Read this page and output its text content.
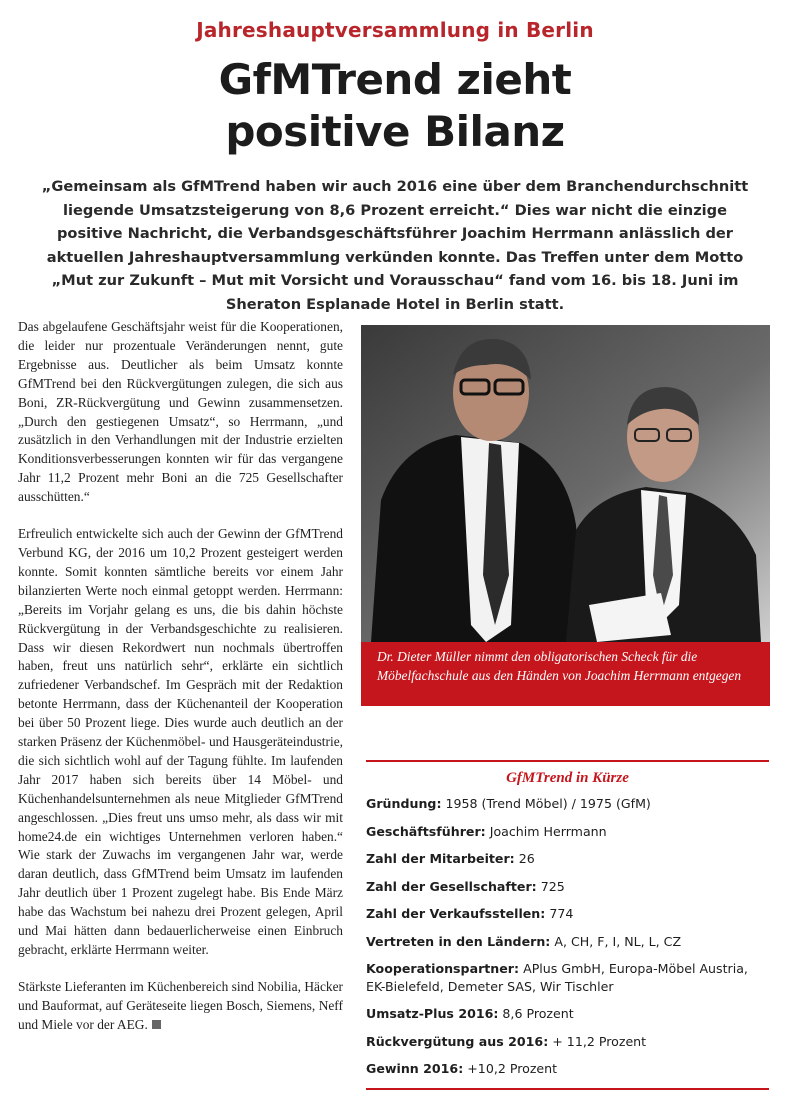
Jahreshauptversammlung in Berlin
GfMTrend zieht
positive Bilanz
„Gemeinsam als GfMTrend haben wir auch 2016 eine über dem Branchendurchschnitt liegende Umsatzsteigerung von 8,6 Prozent erreicht.“ Dies war nicht die einzige positive Nachricht, die Verbandsgeschäftsführer Joachim Herrmann anlässlich der aktuellen Jahreshauptversammlung verkünden konnte. Das Treffen unter dem Motto „Mut zur Zukunft – Mut mit Vorsicht und Vorausschau“ fand vom 16. bis 18. Juni im Sheraton Esplanade Hotel in Berlin statt.

Das abgelaufene Geschäftsjahr weist für die Kooperationen, die leider nur prozentuale Veränderungen nennt, gute Ergebnisse aus. Deutlicher als beim Umsatz konnte GfMTrend bei den Rückvergütungen zulegen, die sich aus Boni, ZR-Rückvergütung und Gewinn zusammensetzen. „Durch den gestiegenen Umsatz“, so Herrmann, „und zusätzlich in den Verhandlungen mit der Industrie erzielten Konditionsverbesserungen konnten wir für das vergangene Jahr 11,2 Prozent mehr Boni an die 725 Gesellschafter ausschütten.“

Erfreulich entwickelte sich auch der Gewinn der GfMTrend Verbund KG, der 2016 um 10,2 Prozent gesteigert werden konnte. Somit konnten sämtliche bereits vor einem Jahr bilanzierten Werte noch einmal getoppt werden. Herrmann: „Bereits im Vorjahr gelang es uns, die bis dahin höchste Rückvergütung in der Verbandsgeschichte zu realisieren. Dass wir diesen Rekordwert nun nochmals übertroffen haben, freut uns natürlich sehr“, erklärte ein sichtlich zufriedener Verbandschef. Im Gespräch mit der Redaktion betonte Herrmann, dass der Küchenanteil der Kooperation bei über 50 Prozent liege. Dies wurde auch deutlich an der starken Präsenz der Küchenmöbel- und Hausgeräteindustrie, die sich sichtlich wohl auf der Tagung fühlte. Im laufenden Jahr 2017 haben sich bereits über 14 Möbel- und Küchenhandelsunternehmen als neue Mitglieder GfMTrend angeschlossen. „Dies freut uns umso mehr, als dass wir mit home24.de ein wichtiges Unternehmen verloren haben.“ Wie stark der Zuwachs im vergangenen Jahr war, werde daran deutlich, dass GfMTrend beim Umsatz im laufenden Jahr deutlich über 1 Prozent zugelegt habe. Bis Ende März habe das Wachstum bei nahezu drei Prozent gelegen, April und Mai hätten dann bedauerlicherweise einen Einbruch gebracht, erklärte Herrmann weiter.

Stärkste Lieferanten im Küchenbereich sind Nobilia, Häcker und Bauformat, auf Geräteseite liegen Bosch, Siemens, Neff und Miele vor der AEG.

Dr. Dieter Müller nimmt den obligatorischen Scheck für die Möbelfachschule aus den Händen von Joachim Herrmann entgegen
GfMTrend in Kürze
Gründung: 1958 (Trend Möbel) / 1975 (GfM)
Geschäftsführer: Joachim Herrmann
Zahl der Mitarbeiter: 26
Zahl der Gesellschafter: 725
Zahl der Verkaufsstellen: 774
Vertreten in den Ländern: A, CH, F, I, NL, L, CZ
Kooperationspartner: APlus GmbH, Europa-Möbel Austria, EK-Bielefeld, Demeter SAS, Wir Tischler
Umsatz-Plus 2016: 8,6 Prozent
Rückvergütung aus 2016: + 11,2 Prozent
Gewinn 2016: +10,2 Prozent
